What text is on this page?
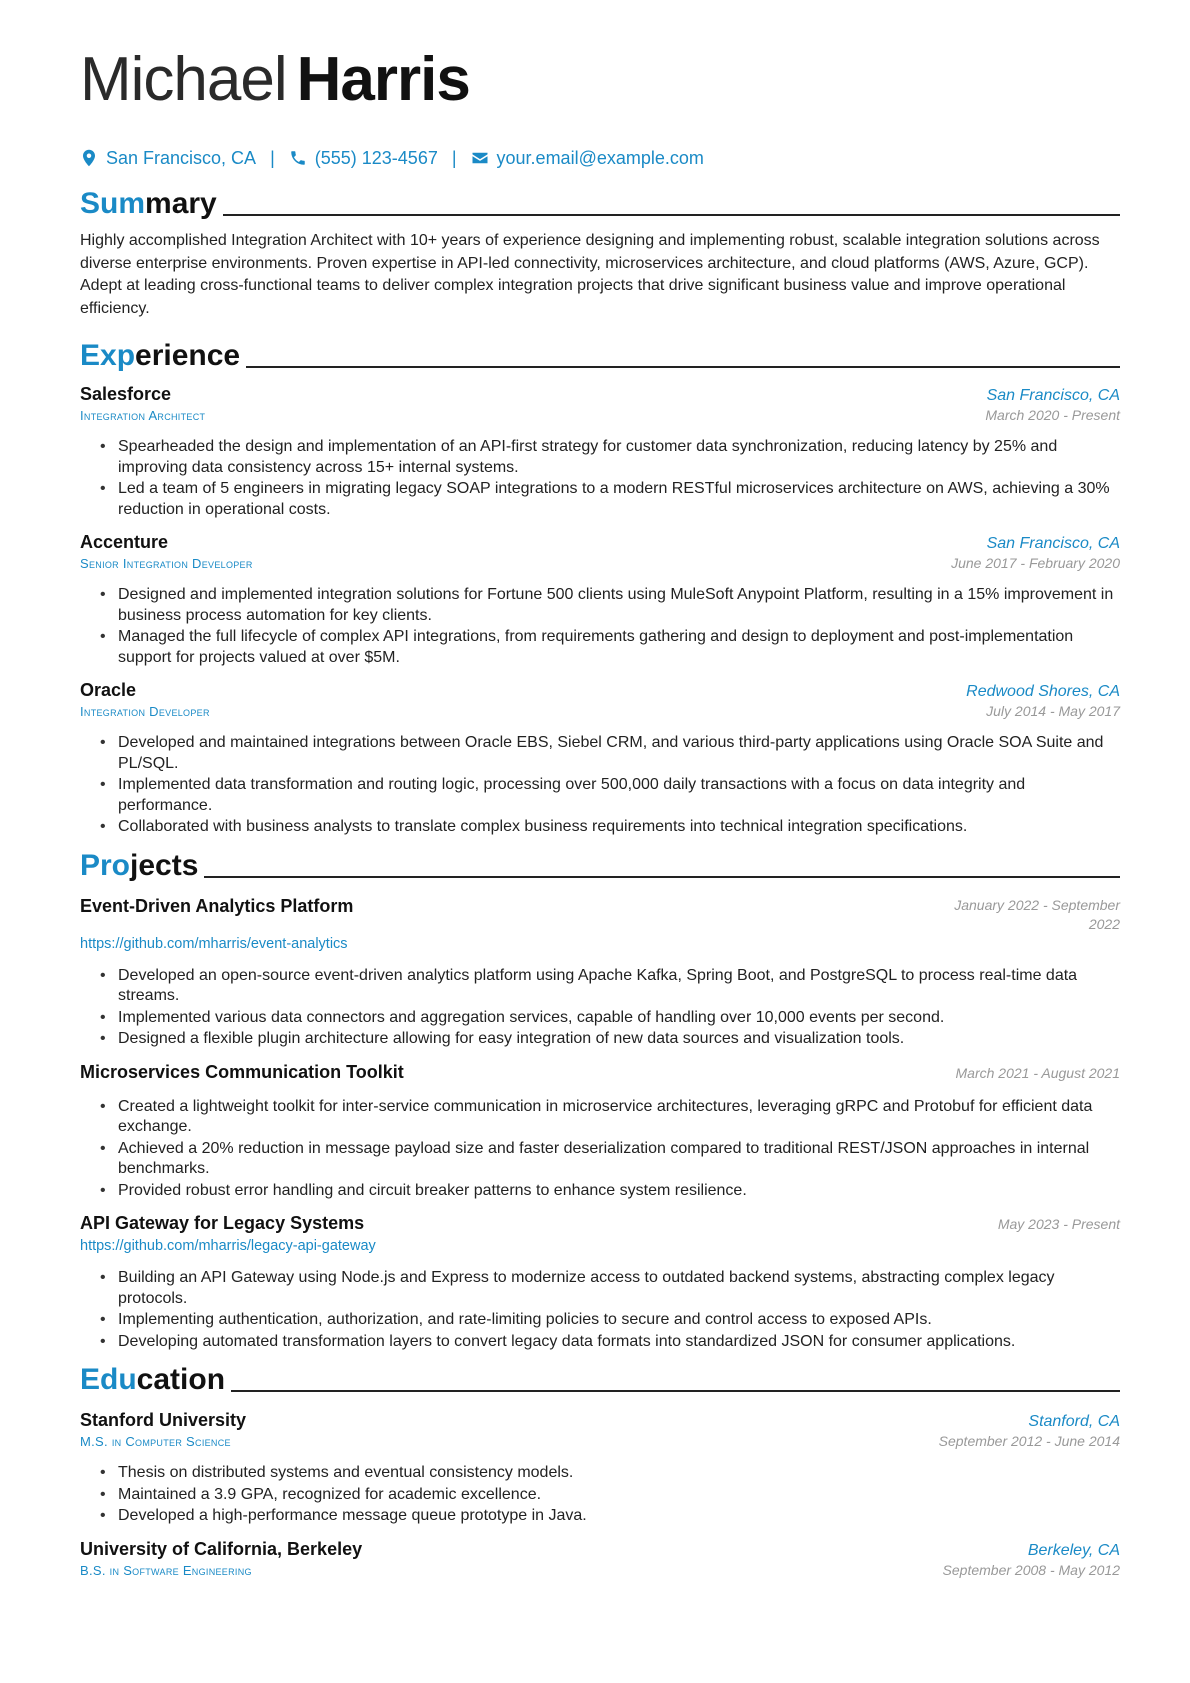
Michael Harris
San Francisco, CA | (555) 123-4567 | your.email@example.com
Summary
Highly accomplished Integration Architect with 10+ years of experience designing and implementing robust, scalable integration solutions across diverse enterprise environments. Proven expertise in API-led connectivity, microservices architecture, and cloud platforms (AWS, Azure, GCP). Adept at leading cross-functional teams to deliver complex integration projects that drive significant business value and improve operational efficiency.
Experience
Salesforce	San Francisco, CA
Integration Architect	March 2020 - Present
• Spearheaded the design and implementation of an API-first strategy for customer data synchronization, reducing latency by 25% and improving data consistency across 15+ internal systems.
• Led a team of 5 engineers in migrating legacy SOAP integrations to a modern RESTful microservices architecture on AWS, achieving a 30% reduction in operational costs.
Accenture	San Francisco, CA
Senior Integration Developer	June 2017 - February 2020
• Designed and implemented integration solutions for Fortune 500 clients using MuleSoft Anypoint Platform, resulting in a 15% improvement in business process automation for key clients.
• Managed the full lifecycle of complex API integrations, from requirements gathering and design to deployment and post-implementation support for projects valued at over $5M.
Oracle	Redwood Shores, CA
Integration Developer	July 2014 - May 2017
• Developed and maintained integrations between Oracle EBS, Siebel CRM, and various third-party applications using Oracle SOA Suite and PL/SQL.
• Implemented data transformation and routing logic, processing over 500,000 daily transactions with a focus on data integrity and performance.
• Collaborated with business analysts to translate complex business requirements into technical integration specifications.
Projects
Event-Driven Analytics Platform	January 2022 - September 2022
https://github.com/mharris/event-analytics
• Developed an open-source event-driven analytics platform using Apache Kafka, Spring Boot, and PostgreSQL to process real-time data streams.
• Implemented various data connectors and aggregation services, capable of handling over 10,000 events per second.
• Designed a flexible plugin architecture allowing for easy integration of new data sources and visualization tools.
Microservices Communication Toolkit	March 2021 - August 2021
• Created a lightweight toolkit for inter-service communication in microservice architectures, leveraging gRPC and Protobuf for efficient data exchange.
• Achieved a 20% reduction in message payload size and faster deserialization compared to traditional REST/JSON approaches in internal benchmarks.
• Provided robust error handling and circuit breaker patterns to enhance system resilience.
API Gateway for Legacy Systems	May 2023 - Present
https://github.com/mharris/legacy-api-gateway
• Building an API Gateway using Node.js and Express to modernize access to outdated backend systems, abstracting complex legacy protocols.
• Implementing authentication, authorization, and rate-limiting policies to secure and control access to exposed APIs.
• Developing automated transformation layers to convert legacy data formats into standardized JSON for consumer applications.
Education
Stanford University	Stanford, CA
M.S. in Computer Science	September 2012 - June 2014
• Thesis on distributed systems and eventual consistency models.
• Maintained a 3.9 GPA, recognized for academic excellence.
• Developed a high-performance message queue prototype in Java.
University of California, Berkeley	Berkeley, CA
B.S. in Software Engineering	September 2008 - May 2012
